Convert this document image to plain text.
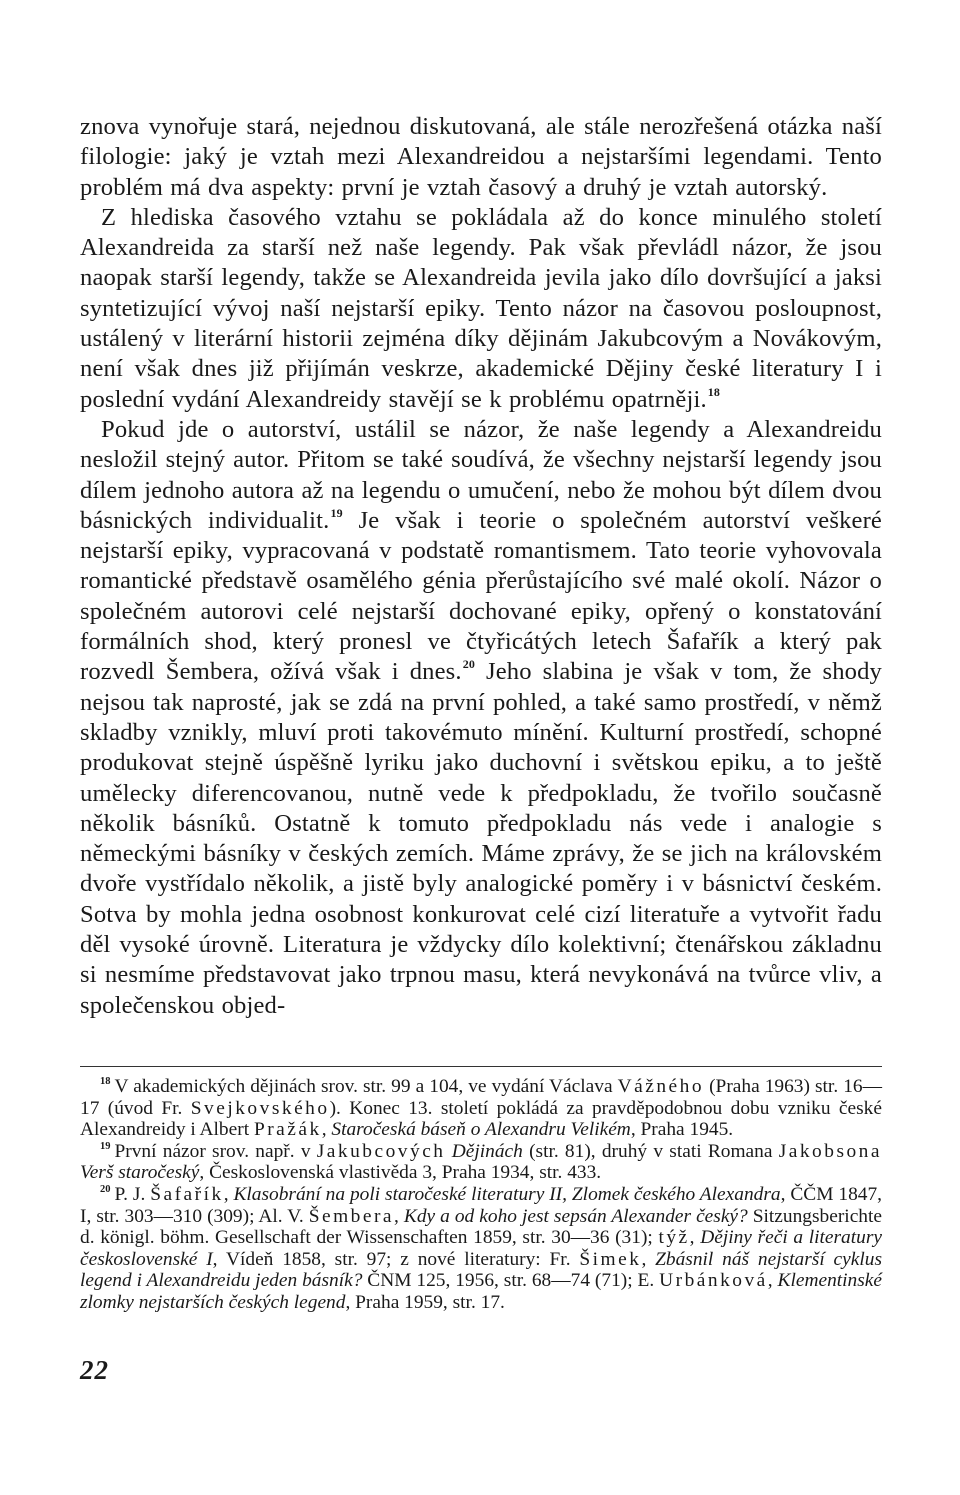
znova vynořuje stará, nejednou diskutovaná, ale stále nerozřešená otázka naší filologie: jaký je vztah mezi Alexandreidou a nejstaršími legendami. Tento problém má dva aspekty: první je vztah časový a druhý je vztah autorský.

Z hlediska časového vztahu se pokládala až do konce minulého století Alexandreida za starší než naše legendy. Pak však převládl názor, že jsou naopak starší legendy, takže se Alexandreida jevila jako dílo dovršující a jaksi syntetizující vývoj naší nejstarší epiky. Tento názor na časovou posloupnost, ustálený v literární historii zejména díky dějinám Jakubcovým a Novákovým, není však dnes již přijímán veskrze, akademické Dějiny české literatury I i poslední vydání Alexandreidy stavějí se k problému opatrněji.$^{18}$

Pokud jde o autorství, ustálil se názor, že naše legendy a Alexandreidu nesložil stejný autor. Přitom se také soudívá, že všechny nejstarší legendy jsou dílem jednoho autora až na legendu o umučení, nebo že mohou být dílem dvou básnických individualit.$^{19}$ Je však i teorie o společném autorství veškeré nejstarší epiky, vypracovaná v podstatě romantismem. Tato teorie vyhovovala romantické představě osamělého génia přerůstajícího své malé okolí. Názor o společném autorovi celé nejstarší dochované epiky, opřený o konstatování formálních shod, který pronesl ve čtyřicátých letech Šafařík a který pak rozvedl Šembera, ožívá však i dnes.$^{20}$ Jeho slabina je však v tom, že shody nejsou tak naprosté, jak se zdá na první pohled, a také samo prostředí, v němž skladby vznikly, mluví proti takovémuto mínění. Kulturní prostředí, schopné produkovat stejně úspěšně lyriku jako duchovní i světskou epiku, a to ještě umělecky diferencovanou, nutně vede k předpokladu, že tvořilo současně několik básníků. Ostatně k tomuto předpokladu nás vede i analogie s německými básníky v českých zemích. Máme zprávy, že se jich na královském dvoře vystřídalo několik, a jistě byly analogické poměry i v básnictví českém. Sotva by mohla jedna osobnost konkurovat celé cizí literatuře a vytvořit řadu děl vysoké úrovně. Literatura je vždycky dílo kolektivní; čtenářskou základnu si nesmíme představovat jako trpnou masu, která nevykonává na tvůrce vliv, a společenskou objed-

$^{18}$ V akademických dějinách srov. str. 99 a 104, ve vydání Václava Vážného (Praha 1963) str. 16—17 (úvod Fr. Svejkovského). Konec 13. století pokládá za pravděpodobnou dobu vzniku české Alexandreidy i Albert Pražák, Staročeská báseň o Alexandru Velikém, Praha 1945.

$^{19}$ První názor srov. např. v Jakubcových Dějinách (str. 81), druhý v stati Romana Jakobsona Verš staročeský, Československá vlastivěda 3, Praha 1934, str. 433.

$^{20}$ P. J. Šafařík, Klasobrání na poli staročeské literatury II, Zlomek českého Alexandra, ČČM 1847, I, str. 303—310 (309); Al. V. Šembera, Kdy a od koho jest sepsán Alexander český? Sitzungsberichte d. königl. böhm. Gesellschaft der Wissenschaften 1859, str. 30—36 (31); týž, Dějiny řeči a literatury československé I, Vídeň 1858, str. 97; z nové literatury: Fr. Šimek, Zbásnil náš nejstarší cyklus legend i Alexandreidu jeden básník? ČNM 125, 1956, str. 68—74 (71); E. Urbánková, Klementinské zlomky nejstarších českých legend, Praha 1959, str. 17.

22
